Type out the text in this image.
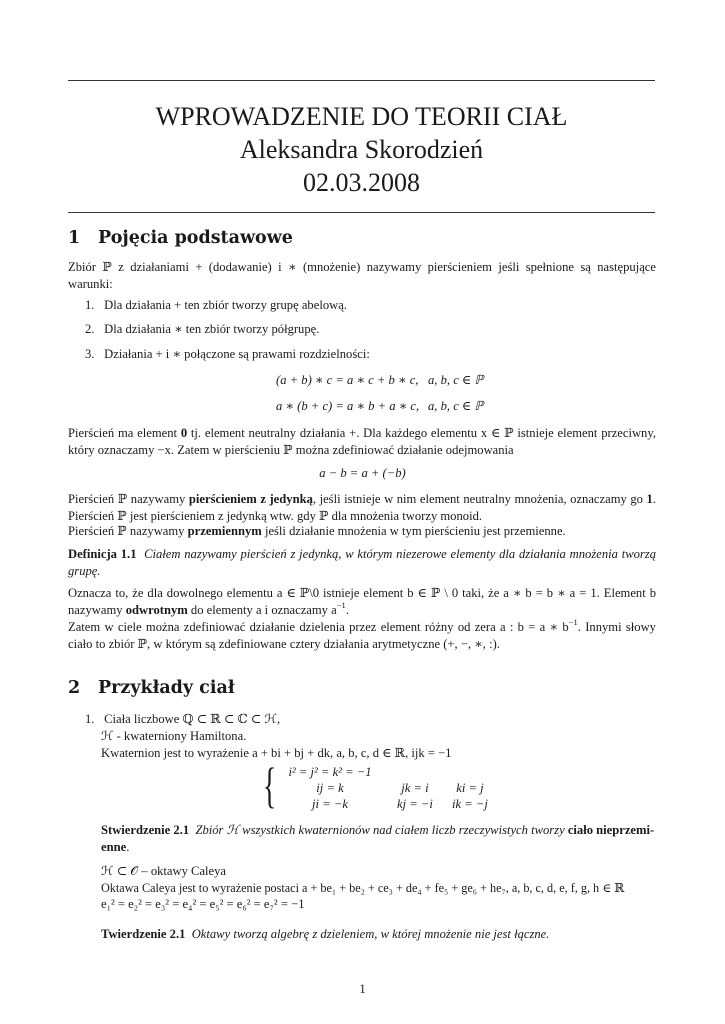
WPROWADZENIE DO TEORII CIAŁ
Aleksandra Skorodzień
02.03.2008
1 Pojęcia podstawowe
Zbiór ℙ z działaniami + (dodawanie) i ∗ (mnożenie) nazywamy pierścieniem jeśli spełnione są następujące warunki:
1. Dla działania + ten zbiór tworzy grupę abelową.
2. Dla działania ∗ ten zbiór tworzy półgrupę.
3. Działania + i ∗ połączone są prawami rozdzielności:
(a + b) ∗ c = a ∗ c + b ∗ c, a, b, c ∈ ℙ
a ∗ (b + c) = a ∗ b + a ∗ c, a, b, c ∈ ℙ
Pierścień ma element 0 tj. element neutralny działania +. Dla każdego elementu x ∈ ℙ istnieje element przeciwny, który oznaczamy −x. Zatem w pierścieniu ℙ można zdefiniować działanie odejmowania
a − b = a + (−b)
Pierścień ℙ nazywamy pierścieniem z jedynką, jeśli istnieje w nim element neutralny mnożenia, oznaczamy go 1. Pierścień ℙ jest pierścieniem z jedynką wtw. gdy ℙ dla mnożenia tworzy monoid.
Pierścień ℙ nazywamy przemiennym jeśli działanie mnożenia w tym pierścieniu jest przemienne.
Definicja 1.1 Ciałem nazywamy pierścień z jedynką, w którym niezerowe elementy dla działania mnożenia tworzą grupę.
Oznacza to, że dla dowolnego elementu a ∈ ℙ\0 istnieje element b ∈ ℙ \ 0 taki, że a ∗ b = b ∗ a = 1. Element b nazywamy odwrotnym do elementy a i oznaczamy $a^{-1}$.
Zatem w ciele można zdefiniować działanie dzielenia przez element różny od zera a : b = a ∗ $b^{-1}$. Innymi słowy ciało to zbiór ℙ, w którym są zdefiniowane cztery działania arytmetyczne (+, −, ∗, :).
2 Przykłady ciał
1. Ciała liczbowe ℚ ⊂ ℝ ⊂ ℂ ⊂ ℋ,
ℋ - kwaterniony Hamiltona.
Kwaternion jest to wyrażenie a + bi + bj + dk, a, b, c, d ∈ ℝ, ijk = −1
{ i² = j² = k² = −1
ij = k	jk = i	ki = j
ji = −k	kj = −i	ik = −j
Stwierdzenie 2.1 Zbiór ℋ wszystkich kwaternionów nad ciałem liczb rzeczywistych tworzy ciało nieprzemi-
enne.
ℋ ⊂ 𝒪 – oktawy Caleya
Oktawa Caleya jest to wyrażenie postaci a + be₁ + be₂ + ce₃ + de₄ + fe₅ + ge₆ + he₇, a, b, c, d, e, f, g, h ∈ ℝ
e₁² = e₂² = e₃² = e₄² = e₅² = e₆² = e₇² = −1
Twierdzenie 2.1 Oktawy tworzą algebrę z dzieleniem, w której mnożenie nie jest łączne.
1
